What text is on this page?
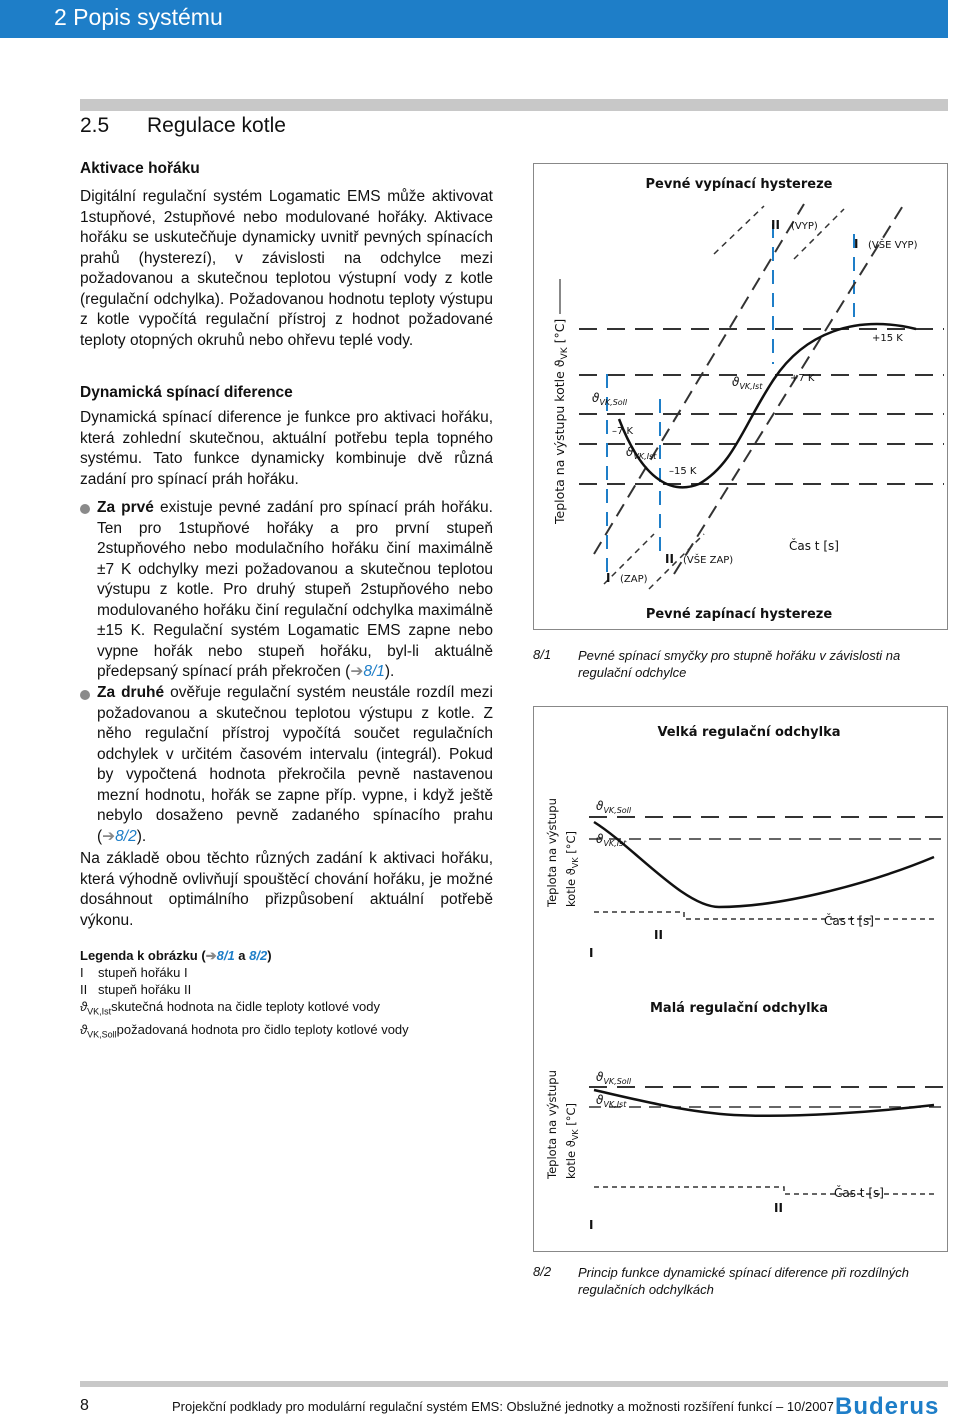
2 Popis systému
2.5 Regulace kotle
Aktivace hořáku
Digitální regulační systém Logamatic EMS může aktivovat 1stupňové, 2stupňové nebo modulované hořáky. Aktivace hořáku se uskutečňuje dynamicky uvnitř pevných spínacích prahů (hysterezí), v závislosti na odchylce mezi požadovanou a skutečnou teplotou výstupní vody z kotle (regulační odchylka). Požadovanou hodnotu teploty výstupu z kotle vypočítá regulační přístroj z hodnot požadované teploty otopných okruhů nebo ohřevu teplé vody.
Dynamická spínací diference
Dynamická spínací diference je funkce pro aktivaci hořáku, která zohlední skutečnou, aktuální potřebu tepla topného systému. Tato funkce dynamicky kombinuje dvě různá zadání pro spínací práh hořáku.
Za prvé existuje pevné zadání pro spínací práh hořáku. Ten pro 1stupňové hořáky a pro první stupeň 2stupňového nebo modulačního hořáku činí maximálně ±7 K odchylky mezi požadovanou a skutečnou teplotou výstupu z kotle. Pro druhý stupeň 2stupňového nebo modulovaného hořáku činí regulační odchylka maximálně ±15 K. Regulační systém Logamatic EMS zapne nebo vypne hořák nebo stupeň hořáku, byl-li aktuálně předepsaný spínací práh překročen (➔8/1).
Za druhé ověřuje regulační systém neustále rozdíl mezi požadovanou a skutečnou teplotou výstupu z kotle. Z něho regulační přístroj vypočítá součet regulačních odchylek v určitém časovém intervalu (integrál). Pokud by vypočtená hodnota překročila pevně nastavenou mezní hodnotu, hořák se zapne příp. vypne, i když ještě nebylo dosaženo pevně zadaného spínacího prahu (➔8/2).
Na základě obou těchto různých zadání k aktivaci hořáku, která výhodně ovlivňují spouštěcí chování hořáku, je možné dosáhnout optimálního přizpůsobení aktuální potřebě výkonu.
Legenda k obrázku (➔8/1 a 8/2)
I stupeň hořáku I
II stupeň hořáku II
$ϑ_{VK,Ist}skutečná$ hodnota na čidle teploty kotlové vody
$ϑ_{VK,Soll}požadovaná$ hodnota pro čidlo teploty kotlové vody
Pevné vypínací hystereze
Pevné zapínací hystereze
Teplota na výstupu kotle $ϑ_{VK}$ [°C]
$ϑ_{VK,Soll}$
–7 K
$ϑ_{VK,Ist}$
–15 K
$ϑ_{VK,Ist}$
+7 K
+15 K
II (VYP)
I (VŠE VYP)
II (VŠE ZAP)
I (ZAP)
Čas t [s]
8/1 Pevné spínací smyčky pro stupně hořáku v závislosti na regulační odchylce
Velká regulační odchylka
Teplota na výstupu kotle $ϑ_{VK}$ [°C]
$ϑ_{VK,Soll}$
$ϑ_{VK,Ist}$
Čas t [s]
I
II
Malá regulační odchylka
Teplota na výstupu kotle $ϑ_{VK}$ [°C]
$ϑ_{VK,Soll}$
$ϑ_{VK,Ist}$
Čas t [s]
I
II
8/2 Princip funkce dynamické spínací diference při rozdílných regulačních odchylkách
8	Projekční podklady pro modulární regulační systém EMS: Obslužné jednotky a možnosti rozšíření funkcí – 10/2007 Buderus
